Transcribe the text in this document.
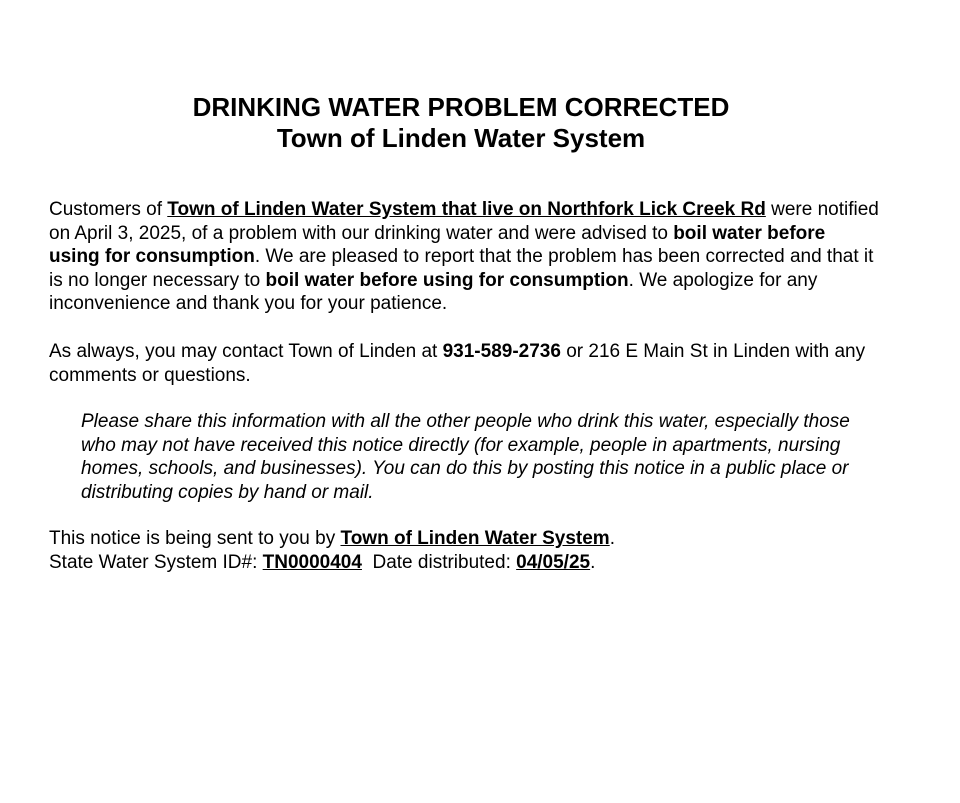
DRINKING WATER PROBLEM CORRECTED
Town of Linden Water System
Customers of Town of Linden Water System that live on Northfork Lick Creek Rd were notified on April 3, 2025, of a problem with our drinking water and were advised to boil water before using for consumption. We are pleased to report that the problem has been corrected and that it is no longer necessary to boil water before using for consumption. We apologize for any inconvenience and thank you for your patience.
As always, you may contact Town of Linden at 931-589-2736 or 216 E Main St in Linden with any comments or questions.
Please share this information with all the other people who drink this water, especially those who may not have received this notice directly (for example, people in apartments, nursing homes, schools, and businesses). You can do this by posting this notice in a public place or distributing copies by hand or mail.
This notice is being sent to you by Town of Linden Water System.
State Water System ID#: TN0000404  Date distributed: 04/05/25.
